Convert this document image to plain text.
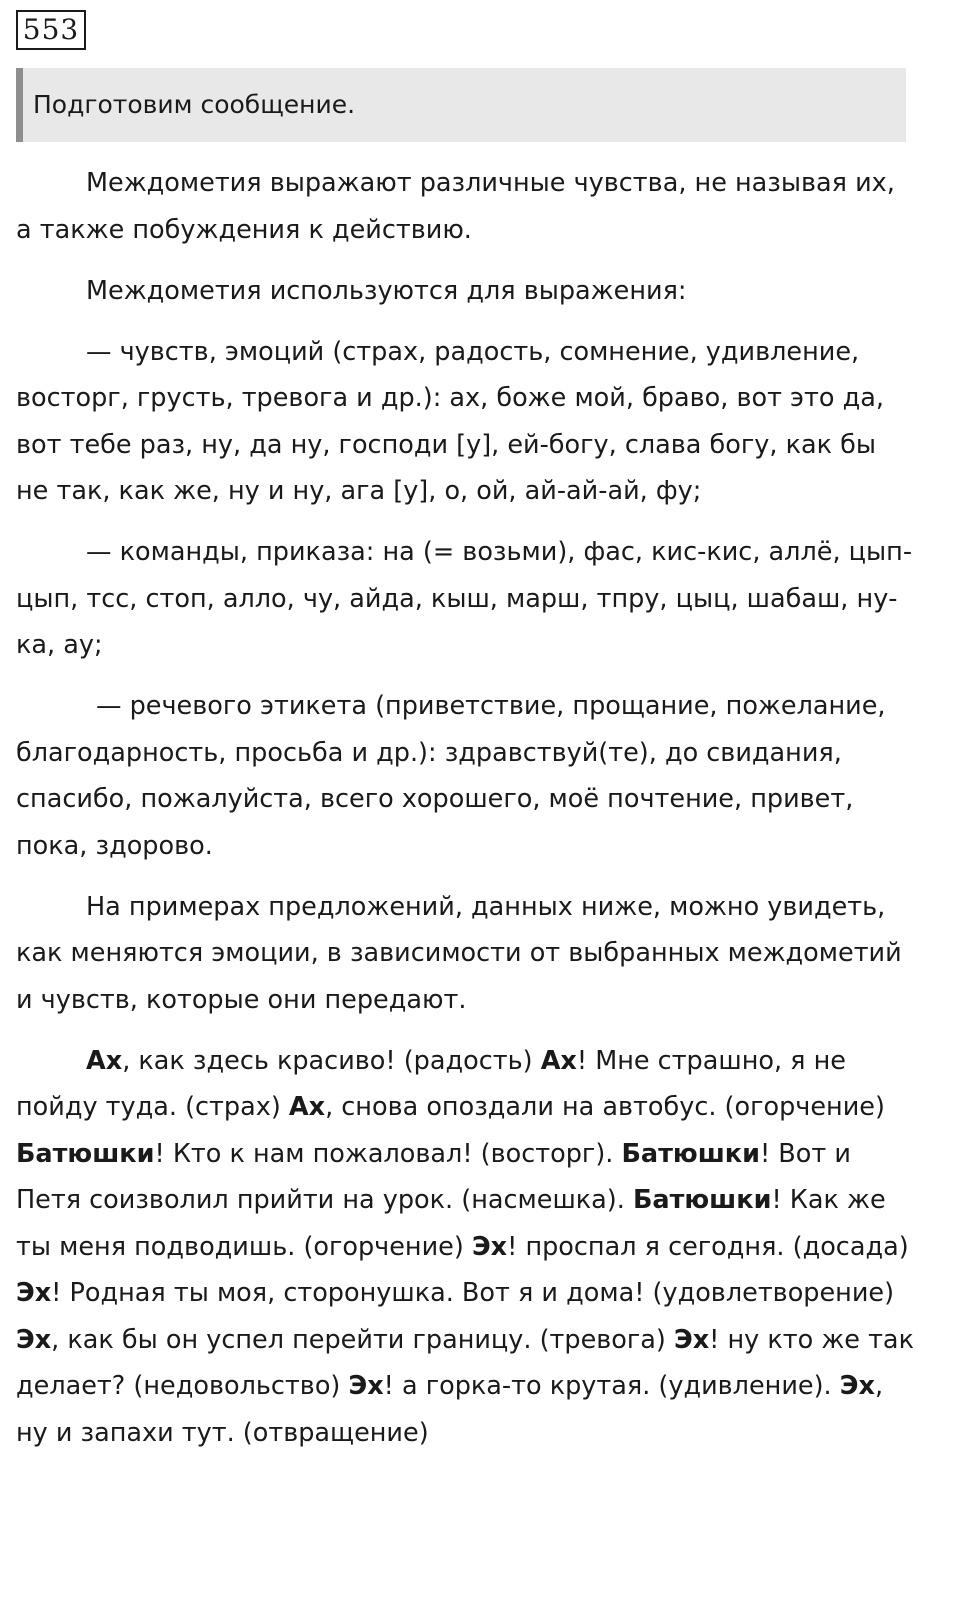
553
Подготовим сообщение.

Междометия выражают различные чувства, не называя их, а также побуждения к действию.

Междометия используются для выражения:

— чувств, эмоций (страх, радость, сомнение, удивление, восторг, грусть, тревога и др.): ах, боже мой, браво, вот это да, вот тебе раз, ну, да ну, господи [у], ей-богу, слава богу, как бы не так, как же, ну и ну, ага [у], о, ой, ай-ай-ай, фу;

— команды, приказа: на (= возьми), фас, кис-кис, аллё, цып-цып, тсс, стоп, алло, чу, айда, кыш, марш, тпру, цыц, шабаш, ну-ка, ау;

— речевого этикета (приветствие, прощание, пожелание, благодарность, просьба и др.): здравствуй(те), до свидания, спасибо, пожалуйста, всего хорошего, моё почтение, привет, пока, здорово.

На примерах предложений, данных ниже, можно увидеть, как меняются эмоции, в зависимости от выбранных междометий и чувств, которые они передают.

Ах, как здесь красиво! (радость) Ах! Мне страшно, я не пойду туда. (страх) Ах, снова опоздали на автобус. (огорчение) Батюшки! Кто к нам пожаловал! (восторг). Батюшки! Вот и Петя соизволил прийти на урок. (насмешка). Батюшки! Как же ты меня подводишь. (огорчение) Эх! проспал я сегодня. (досада) Эх! Родная ты моя, сторонушка. Вот я и дома! (удовлетворение) Эх, как бы он успел перейти границу. (тревога) Эх! ну кто же так делает? (недовольство) Эх! а горка-то крутая. (удивление). Эх, ну и запахи тут. (отвращение)
